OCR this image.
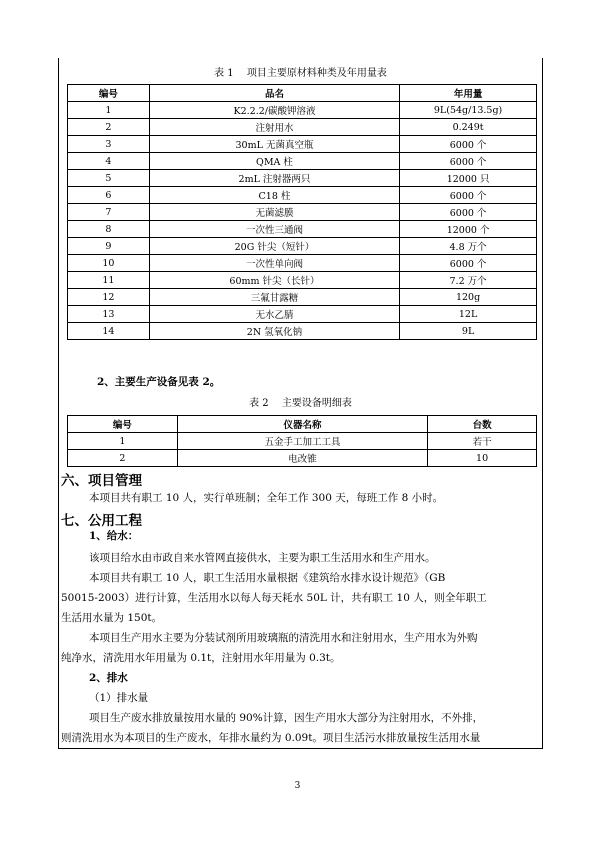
表 1　 项目主要原材料种类及年用量表
编号	品名	年用量
1	K2.2.2/碳酸钾溶液	9L(54g/13.5g)
2	注射用水	0.249t
3	30mL 无菌真空瓶	6000 个
4	QMA 柱	6000 个
5	2mL 注射器两只	12000 只
6	C18 柱	6000 个
7	无菌滤膜	6000 个
8	一次性三通阀	12000 个
9	20G 针尖（短针）	4.8 万个
10	一次性单向阀	6000 个
11	60mm 针尖（长针）	7.2 万个
12	三氟甘露糖	120g
13	无水乙腈	12L
14	2N 氢氧化钠	9L
2、主要生产设备见表 2。
表 2　 主要设备明细表
编号	仪器名称	台数
1	五金手工加工工具	若干
2	电改锥	10
六、项目管理
本项目共有职工 10 人，实行单班制；全年工作 300 天，每班工作 8 小时。
七、公用工程
1、给水：
该项目给水由市政自来水管网直接供水，主要为职工生活用水和生产用水。
本项目共有职工 10 人，职工生活用水量根据《建筑给水排水设计规范》（GB
50015-2003）进行计算，生活用水以每人每天耗水 50L 计，共有职工 10 人，则全年职工
生活用水量为 150t。
本项目生产用水主要为分装试剂所用玻璃瓶的清洗用水和注射用水，生产用水为外购
纯净水，清洗用水年用量为 0.1t，注射用水年用量为 0.3t。
2、排水
（1）排水量
项目生产废水排放量按用水量的 90%计算，因生产用水大部分为注射用水，不外排，
则清洗用水为本项目的生产废水，年排水量约为 0.09t。项目生活污水排放量按生活用水量
3
